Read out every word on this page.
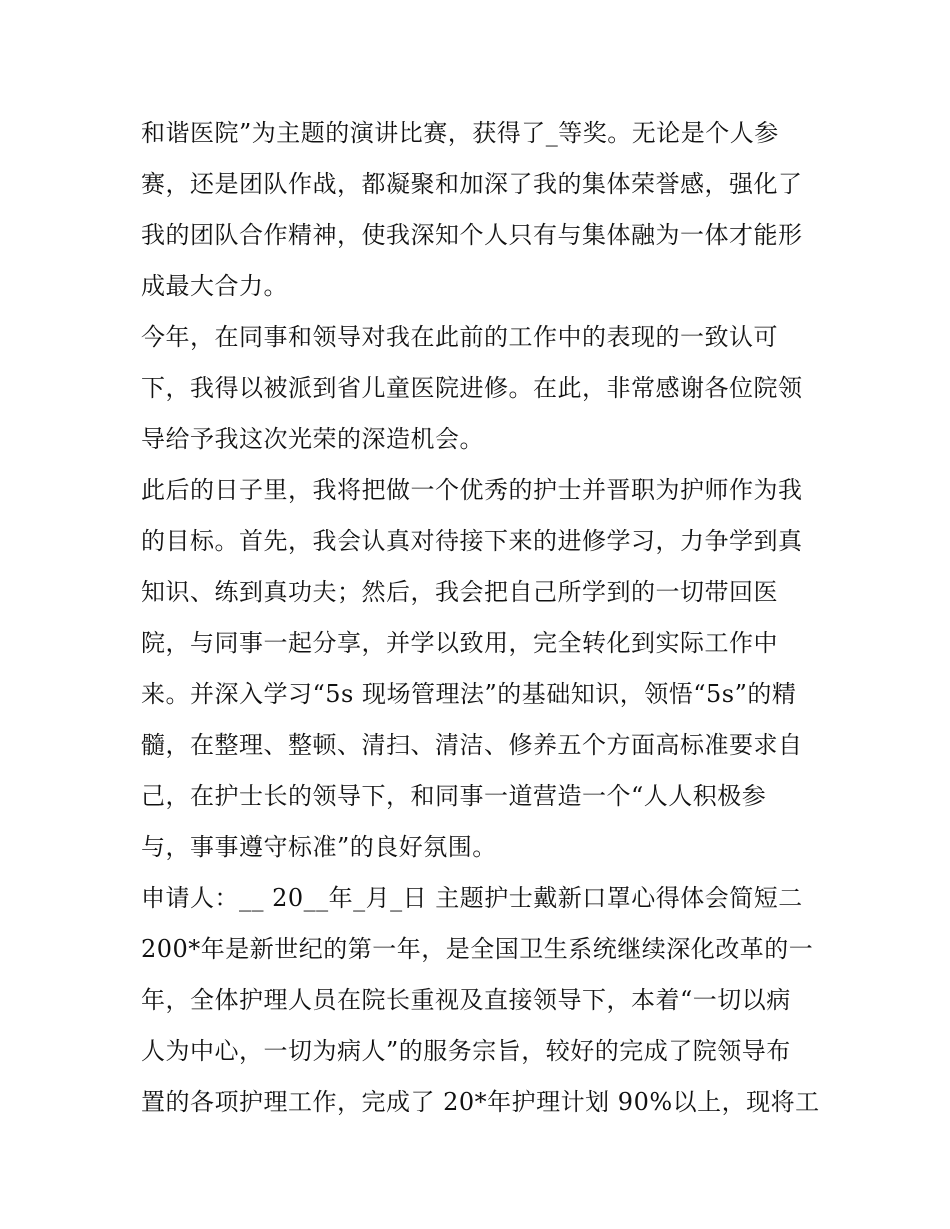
和谐医院”为主题的演讲比赛，获得了_等奖。无论是个人参
赛，还是团队作战，都凝聚和加深了我的集体荣誉感，强化了
我的团队合作精神，使我深知个人只有与集体融为一体才能形
成最大合力。
今年，在同事和领导对我在此前的工作中的表现的一致认可
下，我得以被派到省儿童医院进修。在此，非常感谢各位院领
导给予我这次光荣的深造机会。
此后的日子里，我将把做一个优秀的护士并晋职为护师作为我
的目标。首先，我会认真对待接下来的进修学习，力争学到真
知识、练到真功夫；然后，我会把自己所学到的一切带回医
院，与同事一起分享，并学以致用，完全转化到实际工作中
来。并深入学习“5s 现场管理法”的基础知识，领悟“5s”的精
髓，在整理、整顿、清扫、清洁、修养五个方面高标准要求自
己，在护士长的领导下，和同事一道营造一个“人人积极参
与，事事遵守标准”的良好氛围。
申请人：__ 20__年_月_日 主题护士戴新口罩心得体会简短二
200*年是新世纪的第一年，是全国卫生系统继续深化改革的一
年，全体护理人员在院长重视及直接领导下，本着“一切以病
人为中心，一切为病人”的服务宗旨，较好的完成了院领导布
置的各项护理工作，完成了 20*年护理计划 90%以上，现将工
